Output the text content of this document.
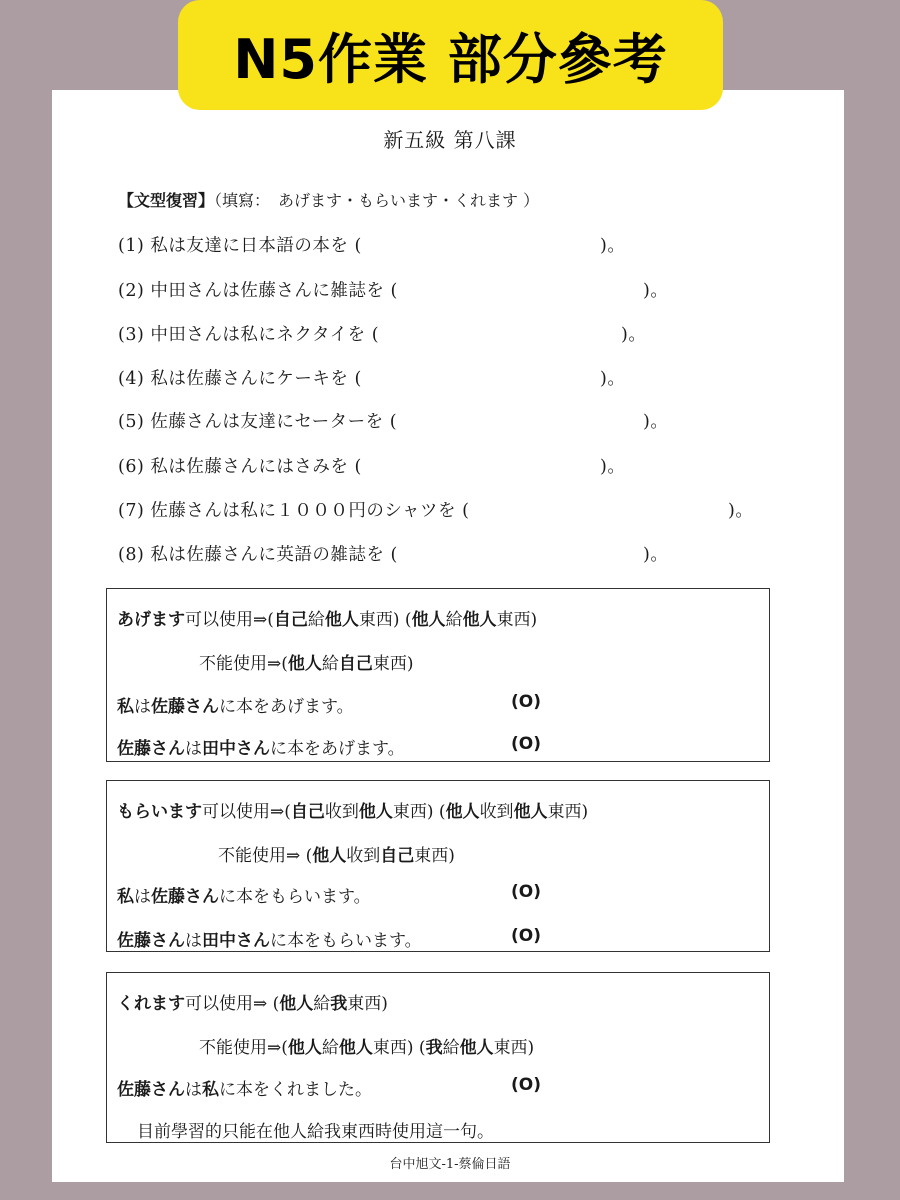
N5作業 部分參考
新五級 第八課
【文型復習】（填寫：　あげます・もらいます・くれます ）
(1) 私は友達に日本語の本を (	)。
(2) 中田さんは佐藤さんに雑誌を (	)。
(3) 中田さんは私にネクタイを (	)。
(4) 私は佐藤さんにケーキを (	)。
(5) 佐藤さんは友達にセーターを (	)。
(6) 私は佐藤さんにはさみを (	)。
(7) 佐藤さんは私に１０００円のシャツを (	)。
(8) 私は佐藤さんに英語の雑誌を (	)。
あげます可以使用⇒(自己給他人東西) (他人給他人東西)
不能使用⇒(他人給自己東西)
私は佐藤さんに本をあげます。	(O)
佐藤さんは田中さんに本をあげます。	(O)
もらいます可以使用⇒(自己收到他人東西) (他人收到他人東西)
不能使用⇒ (他人收到自己東西)
私は佐藤さんに本をもらいます。	(O)
佐藤さんは田中さんに本をもらいます。	(O)
くれます可以使用⇒ (他人給我東西)
不能使用⇒(他人給他人東西) (我給他人東西)
佐藤さんは私に本をくれました。	(O)
目前學習的只能在他人給我東西時使用這一句。
台中旭文-1-蔡倫日語
